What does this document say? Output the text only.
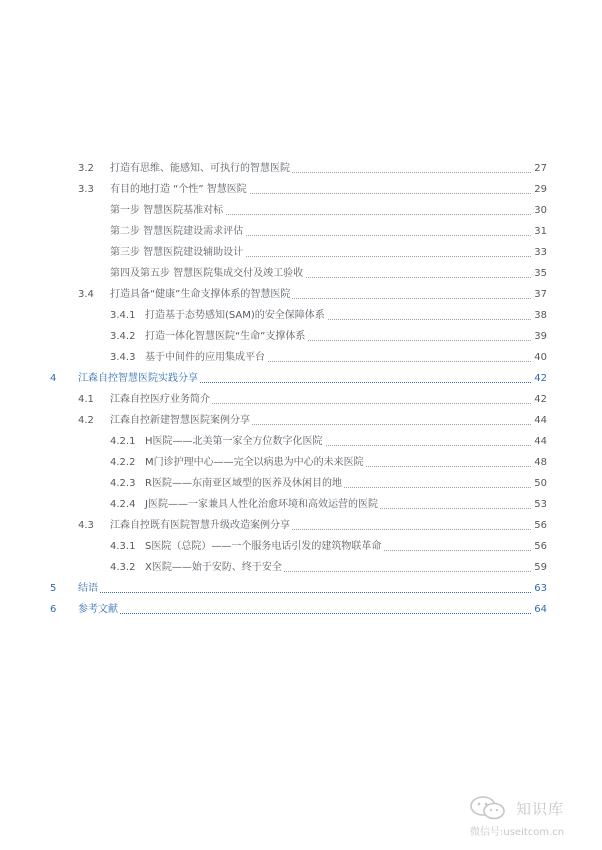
3.2 打造有思维、能感知、可执行的智慧医院	27
3.3 有目的地打造 “个性” 智慧医院	29
第一步 智慧医院基准对标	30
第二步 智慧医院建设需求评估	31
第三步 智慧医院建设辅助设计	33
第四及第五步 智慧医院集成交付及竣工验收	35
3.4 打造具备“健康”生命支撑体系的智慧医院	37
3.4.1 打造基于态势感知(SAM)的安全保障体系	38
3.4.2 打造一体化智慧医院“生命”支撑体系	39
3.4.3 基于中间件的应用集成平台	40
4 江森自控智慧医院实践分享	42
4.1 江森自控医疗业务简介	42
4.2 江森自控新建智慧医院案例分享	44
4.2.1 H医院——北美第一家全方位数字化医院	44
4.2.2 M门诊护理中心——完全以病患为中心的未来医院	48
4.2.3 R医院——东南亚区域型的医养及休闲目的地	50
4.2.4 J医院——一家兼具人性化治愈环境和高效运营的医院	53
4.3 江森自控既有医院智慧升级改造案例分享	56
4.3.1 S医院（总院）——一个服务电话引发的建筑物联革命	56
4.3.2 X医院——始于安防、终于安全	59
5 结语	63
6 参考文献	64
知识库
微信号:useitcom.cn
